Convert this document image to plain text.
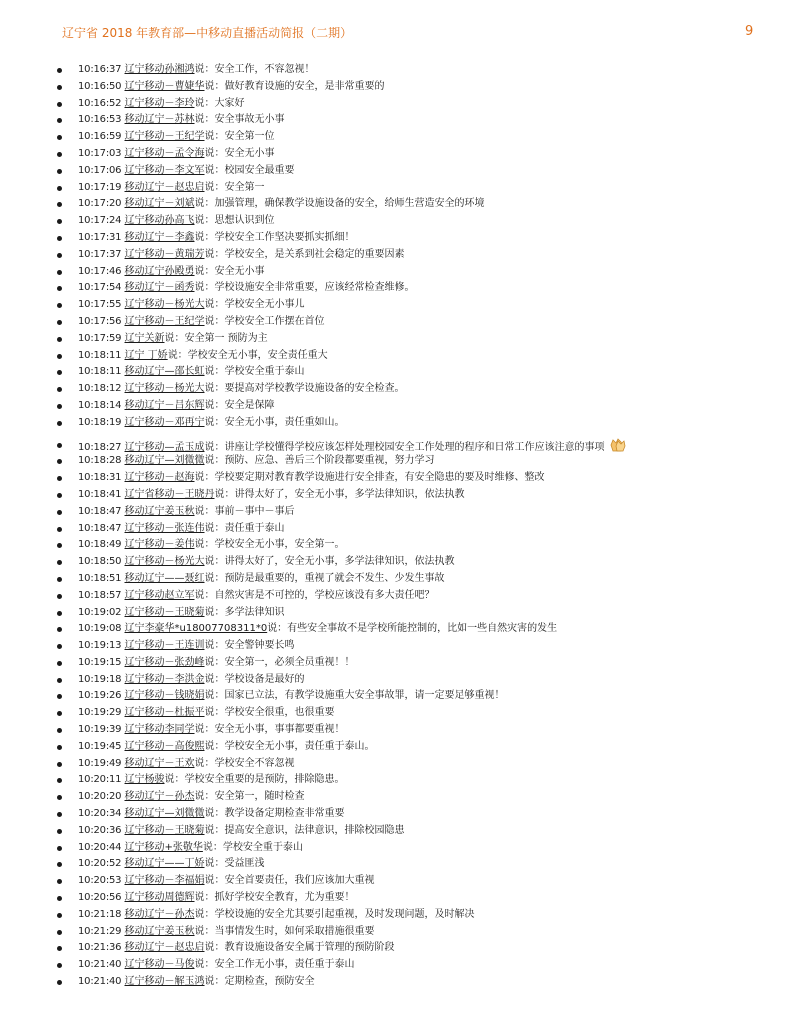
辽宁省 2018 年教育部—中移动直播活动简报（二期）	9
10:16:37 辽宁移动孙湘鸿说：安全工作，不容忽视！
10:16:50 辽宁移动－曹婕华说：做好教育设施的安全，是非常重要的
10:16:52 辽宁移动－李玲说：大家好
10:16:53 移动辽宁－苏林说：安全事故无小事
10:16:59 辽宁移动－王纪学说：安全第一位
10:17:03 辽宁移动－孟令海说：安全无小事
10:17:06 辽宁移动－李文军说：校园安全最重要
10:17:19 移动辽宁－赵忠启说：安全第一
10:17:20 移动辽宁－刘斌说：加强管理，确保教学设施设备的安全，给师生营造安全的环境
10:17:24 辽宁移动孙高飞说：思想认识到位
10:17:31 移动辽宁－李鑫说：学校安全工作坚决要抓实抓细！
10:17:37 辽宁移动－黄瑞芳说：学校安全，是关系到社会稳定的重要因素
10:17:46 移动辽宁孙殿勇说：安全无小事
10:17:54 移动辽宁－函秀说：学校设施安全非常重要，应该经常检查维修。
10:17:55 辽宁移动－杨光大说：学校安全无小事儿
10:17:56 辽宁移动－王纪学说：学校安全工作摆在首位
10:17:59 辽宁关新说：安全第一 预防为主
10:18:11 辽宁 丁娇说：学校安全无小事，安全责任重大
10:18:11 移动辽宁—邵长虹说：学校安全重于泰山
10:18:12 辽宁移动－杨光大说：要提高对学校教学设施设备的安全检查。
10:18:14 移动辽宁－吕东辉说：安全是保障
10:18:19 辽宁移动－邓再宁说：安全无小事，责任重如山。
10:18:27 辽宁移动—孟玉成说：讲座让学校懂得学校应该怎样处理校园安全工作处理的程序和日常工作应该注意的事项
10:18:28 移动辽宁—刘微微说：预防、应急、善后三个阶段都要重视，努力学习
10:18:31 辽宁移动－赵海说：学校要定期对教育教学设施进行安全排查，有安全隐患的要及时维修、整改
10:18:41 辽宁省移动－王晓丹说：讲得太好了，安全无小事，多学法律知识，依法执教
10:18:47 移动辽宁姜玉秋说：事前－事中－事后
10:18:47 辽宁移动－张连伟说：责任重于泰山
10:18:49 辽宁移动－姜伟说：学校安全无小事，安全第一。
10:18:50 辽宁移动－杨光大说：讲得太好了，安全无小事，多学法律知识，依法执教
10:18:51 移动辽宁——聂红说：预防是最重要的，重视了就会不发生、少发生事故
10:18:57 辽宁移动赵立军说：自然灾害是不可控的，学校应该没有多大责任吧？
10:19:02 辽宁移动－王晓菊说：多学法律知识
10:19:08 辽宁李豪华*u18007708311*0说：有些安全事故不是学校所能控制的，比如一些自然灾害的发生
10:19:13 辽宁移动－王连训说：安全警钟要长鸣
10:19:15 辽宁移动－张劲峰说：安全第一，必须全员重视！！
10:19:18 辽宁移动－李洪金说：学校设备是最好的
10:19:26 辽宁移动－钱晓娟说：国家已立法，有教学设施重大安全事故罪，请一定要足够重视！
10:19:29 辽宁移动－杜振平说：学校安全很重，也很重要
10:19:39 辽宁移动李同学说：安全无小事，事事都要重视！
10:19:45 辽宁移动－高俊熙说：学校安全无小事，责任重于泰山。
10:19:49 移动辽宁－王欢说：学校安全不容忽视
10:20:11 辽宁杨骏说：学校安全重要的是预防，排除隐患。
10:20:20 移动辽宁－孙杰说：安全第一，随时检查
10:20:34 移动辽宁—刘微微说：教学设备定期检查非常重要
10:20:36 辽宁移动－王晓菊说：提高安全意识，法律意识，排除校园隐患
10:20:44 辽宁移动+张敬华说：学校安全重于泰山
10:20:52 移动辽宁——丁娇说：受益匪浅
10:20:53 辽宁移动－李福娟说：安全首要责任，我们应该加大重视
10:20:56 辽宁移动周德辉说：抓好学校安全教育，尤为重要！
10:21:18 移动辽宁－孙杰说：学校设施的安全尤其要引起重视，及时发现问题，及时解决
10:21:29 移动辽宁姜玉秋说：当事情发生时，如何采取措施很重要
10:21:36 移动辽宁－赵忠启说：教育设施设备安全属于管理的预防阶段
10:21:40 辽宁移动－马俊说：安全工作无小事，责任重于泰山
10:21:40 辽宁移动－解玉鸿说：定期检查，预防安全
